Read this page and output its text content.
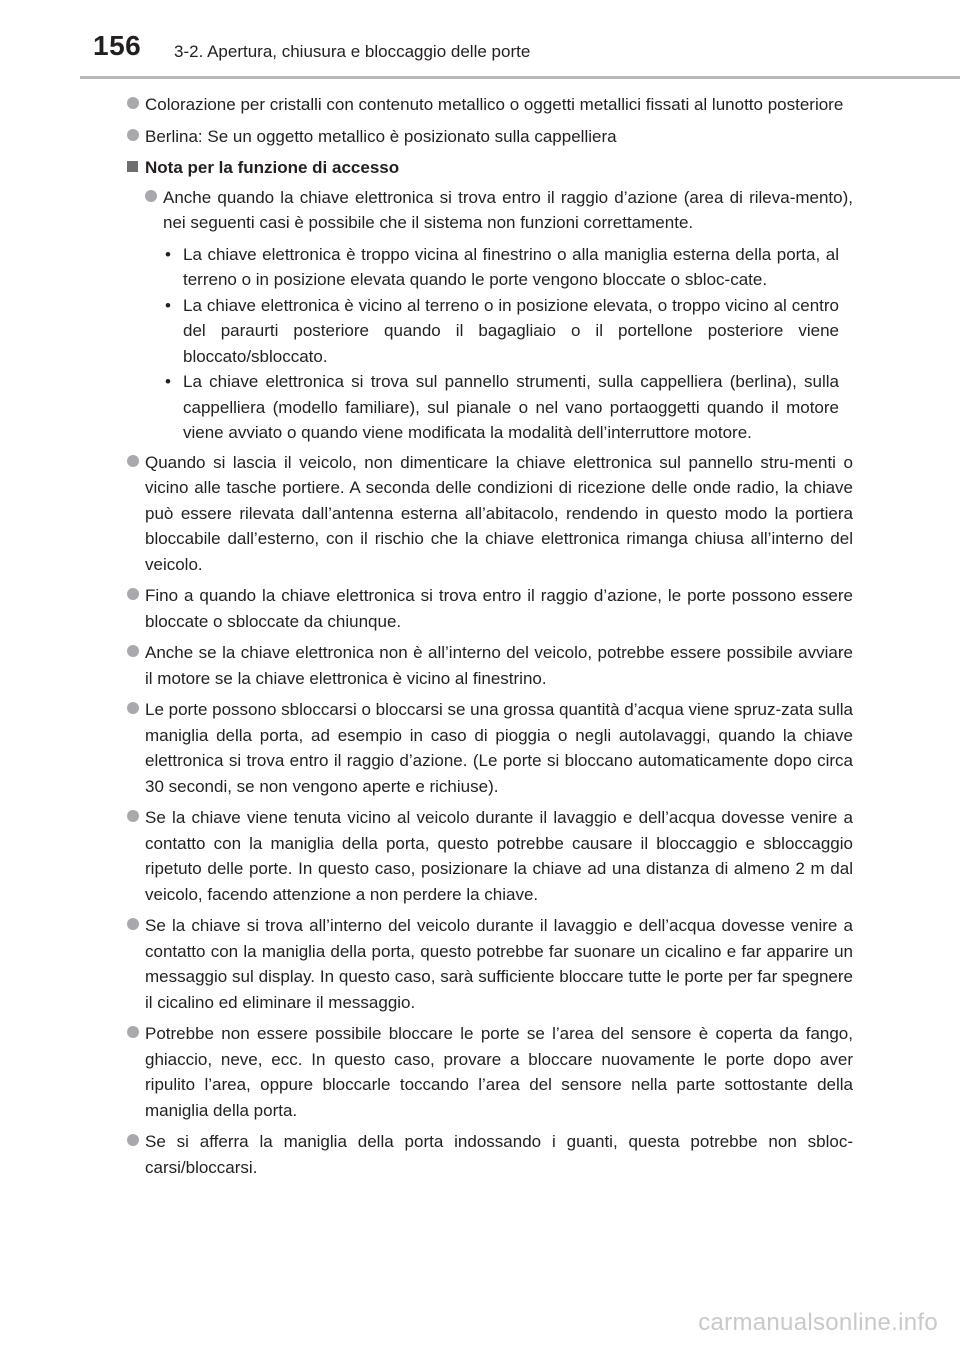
156 3-2. Apertura, chiusura e bloccaggio delle porte
Colorazione per cristalli con contenuto metallico o oggetti metallici fissati al lunotto posteriore
Berlina: Se un oggetto metallico è posizionato sulla cappelliera
Nota per la funzione di accesso
Anche quando la chiave elettronica si trova entro il raggio d’azione (area di rileva-mento), nei seguenti casi è possibile che il sistema non funzioni correttamente.
• La chiave elettronica è troppo vicina al finestrino o alla maniglia esterna della porta, al terreno o in posizione elevata quando le porte vengono bloccate o sbloc-cate.
• La chiave elettronica è vicino al terreno o in posizione elevata, o troppo vicino al centro del paraurti posteriore quando il bagagliaio o il portellone posteriore viene bloccato/sbloccato.
• La chiave elettronica si trova sul pannello strumenti, sulla cappelliera (berlina), sulla cappelliera (modello familiare), sul pianale o nel vano portaoggetti quando il motore viene avviato o quando viene modificata la modalità dell’interruttore motore.
Quando si lascia il veicolo, non dimenticare la chiave elettronica sul pannello stru-menti o vicino alle tasche portiere. A seconda delle condizioni di ricezione delle onde radio, la chiave può essere rilevata dall’antenna esterna all’abitacolo, rendendo in questo modo la portiera bloccabile dall’esterno, con il rischio che la chiave elettronica rimanga chiusa all’interno del veicolo.
Fino a quando la chiave elettronica si trova entro il raggio d’azione, le porte possono essere bloccate o sbloccate da chiunque.
Anche se la chiave elettronica non è all’interno del veicolo, potrebbe essere possibile avviare il motore se la chiave elettronica è vicino al finestrino.
Le porte possono sbloccarsi o bloccarsi se una grossa quantità d’acqua viene spruz-zata sulla maniglia della porta, ad esempio in caso di pioggia o negli autolavaggi, quando la chiave elettronica si trova entro il raggio d’azione. (Le porte si bloccano automaticamente dopo circa 30 secondi, se non vengono aperte e richiuse).
Se la chiave viene tenuta vicino al veicolo durante il lavaggio e dell’acqua dovesse venire a contatto con la maniglia della porta, questo potrebbe causare il bloccaggio e sbloccaggio ripetuto delle porte. In questo caso, posizionare la chiave ad una distanza di almeno 2 m dal veicolo, facendo attenzione a non perdere la chiave.
Se la chiave si trova all’interno del veicolo durante il lavaggio e dell’acqua dovesse venire a contatto con la maniglia della porta, questo potrebbe far suonare un cicalino e far apparire un messaggio sul display. In questo caso, sarà sufficiente bloccare tutte le porte per far spegnere il cicalino ed eliminare il messaggio.
Potrebbe non essere possibile bloccare le porte se l’area del sensore è coperta da fango, ghiaccio, neve, ecc. In questo caso, provare a bloccare nuovamente le porte dopo aver ripulito l’area, oppure bloccarle toccando l’area del sensore nella parte sottostante della maniglia della porta.
Se si afferra la maniglia della porta indossando i guanti, questa potrebbe non sbloc-carsi/bloccarsi.
carmanualsonline.info
